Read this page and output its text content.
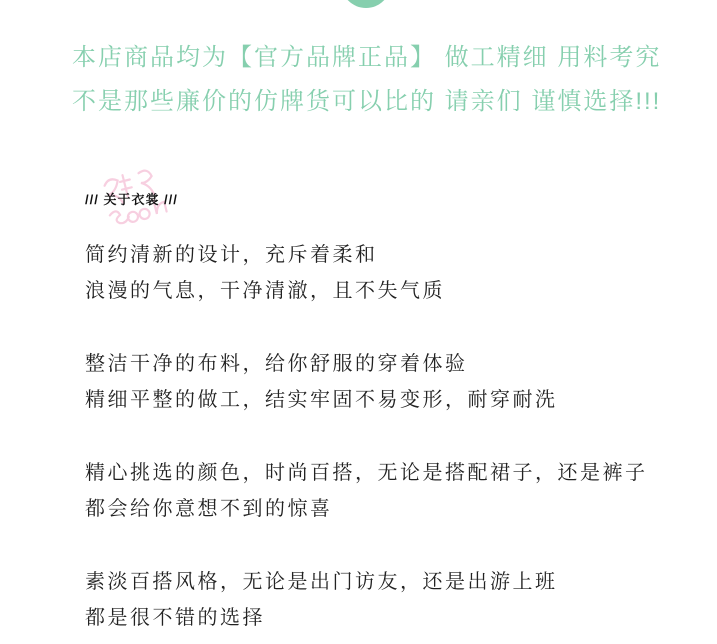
本店商品均为【官方品牌正品】 做工精细 用料考究
不是那些廉价的仿牌货可以比的 请亲们 谨慎选择!!!
/// 关于衣裳 ///

简约清新的设计，充斥着柔和
浪漫的气息，干净清澈，且不失气质

整洁干净的布料，给你舒服的穿着体验
精细平整的做工，结实牢固不易变形，耐穿耐洗

精心挑选的颜色，时尚百搭，无论是搭配裙子，还是裤子
都会给你意想不到的惊喜

素淡百搭风格，无论是出门访友，还是出游上班
都是很不错的选择
